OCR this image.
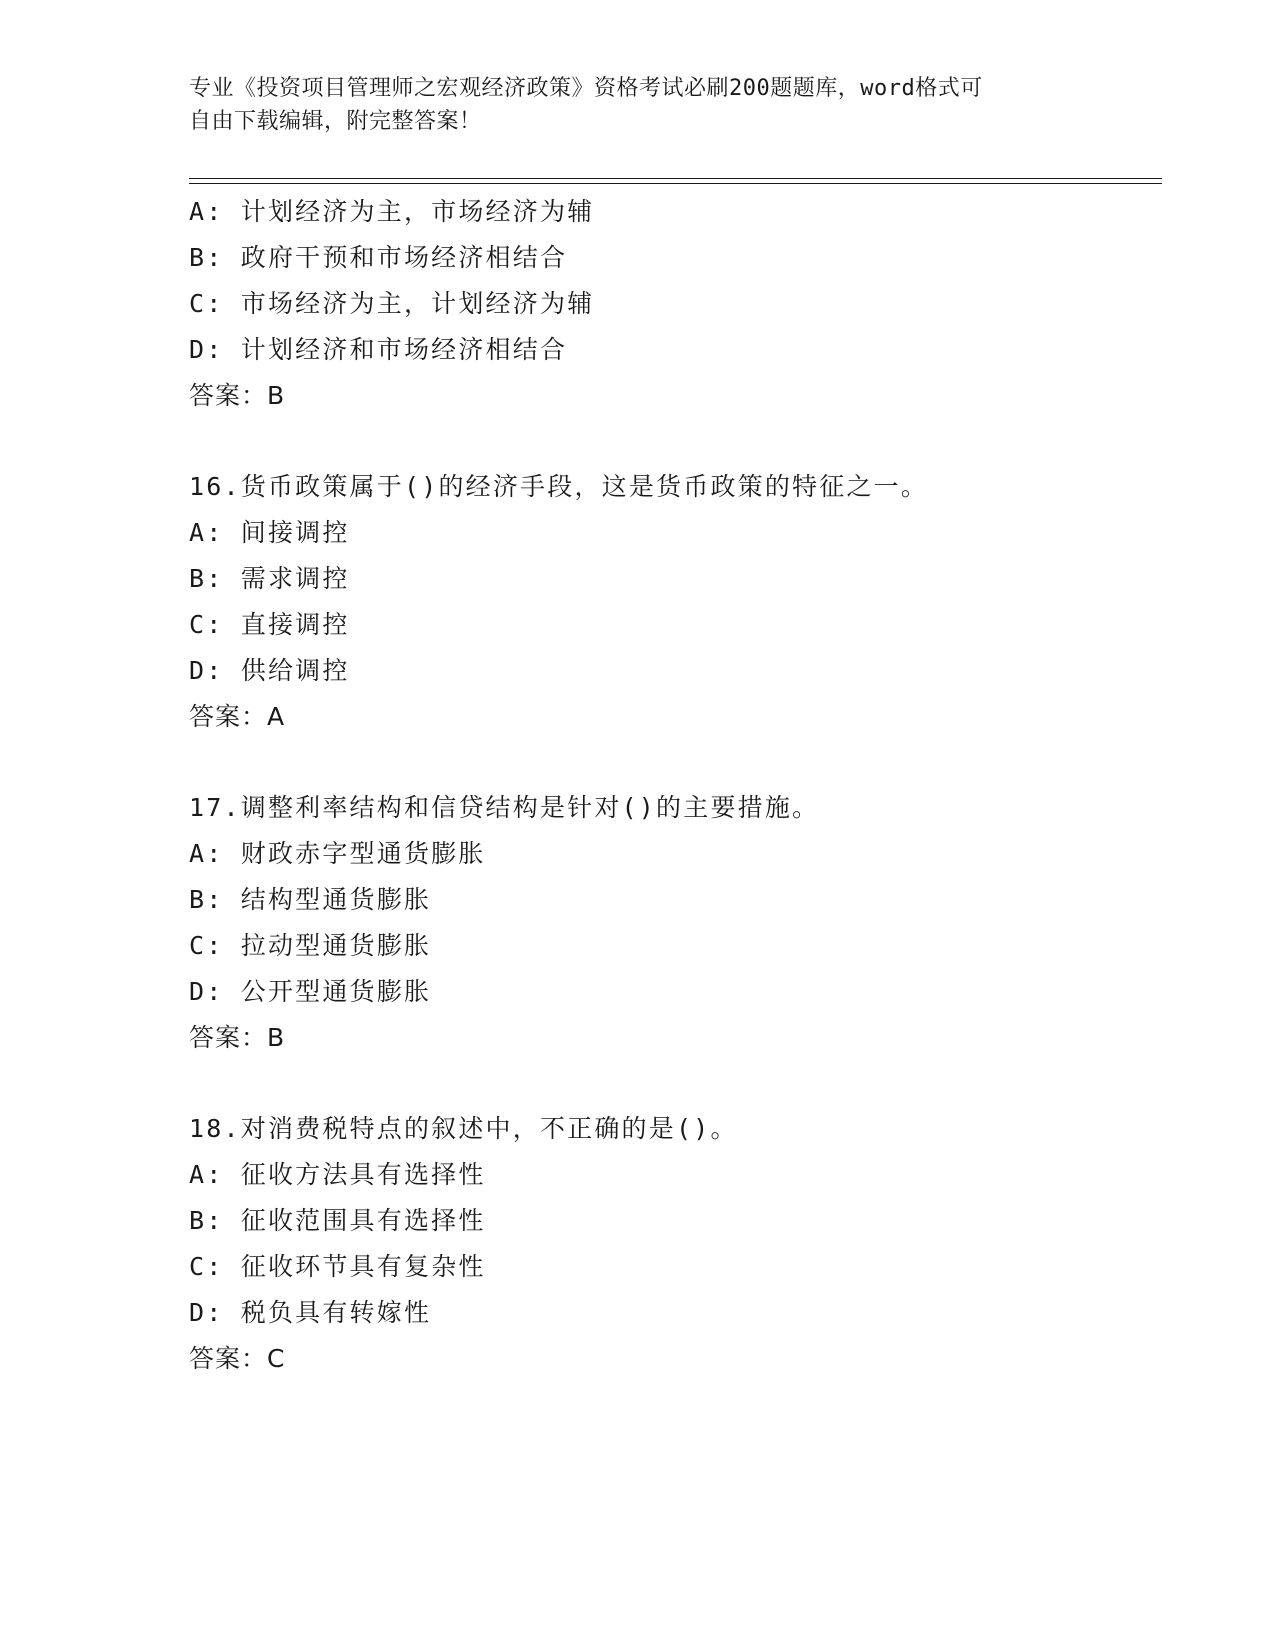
专业《投资项目管理师之宏观经济政策》资格考试必刷200题题库，word格式可
自由下载编辑，附完整答案！
A: 计划经济为主，市场经济为辅
B: 政府干预和市场经济相结合
C: 市场经济为主，计划经济为辅
D: 计划经济和市场经济相结合
答案：B
16.货币政策属于()的经济手段，这是货币政策的特征之一。
A: 间接调控
B: 需求调控
C: 直接调控
D: 供给调控
答案：A
17.调整利率结构和信贷结构是针对()的主要措施。
A: 财政赤字型通货膨胀
B: 结构型通货膨胀
C: 拉动型通货膨胀
D: 公开型通货膨胀
答案：B
18.对消费税特点的叙述中，不正确的是()。
A: 征收方法具有选择性
B: 征收范围具有选择性
C: 征收环节具有复杂性
D: 税负具有转嫁性
答案：C
